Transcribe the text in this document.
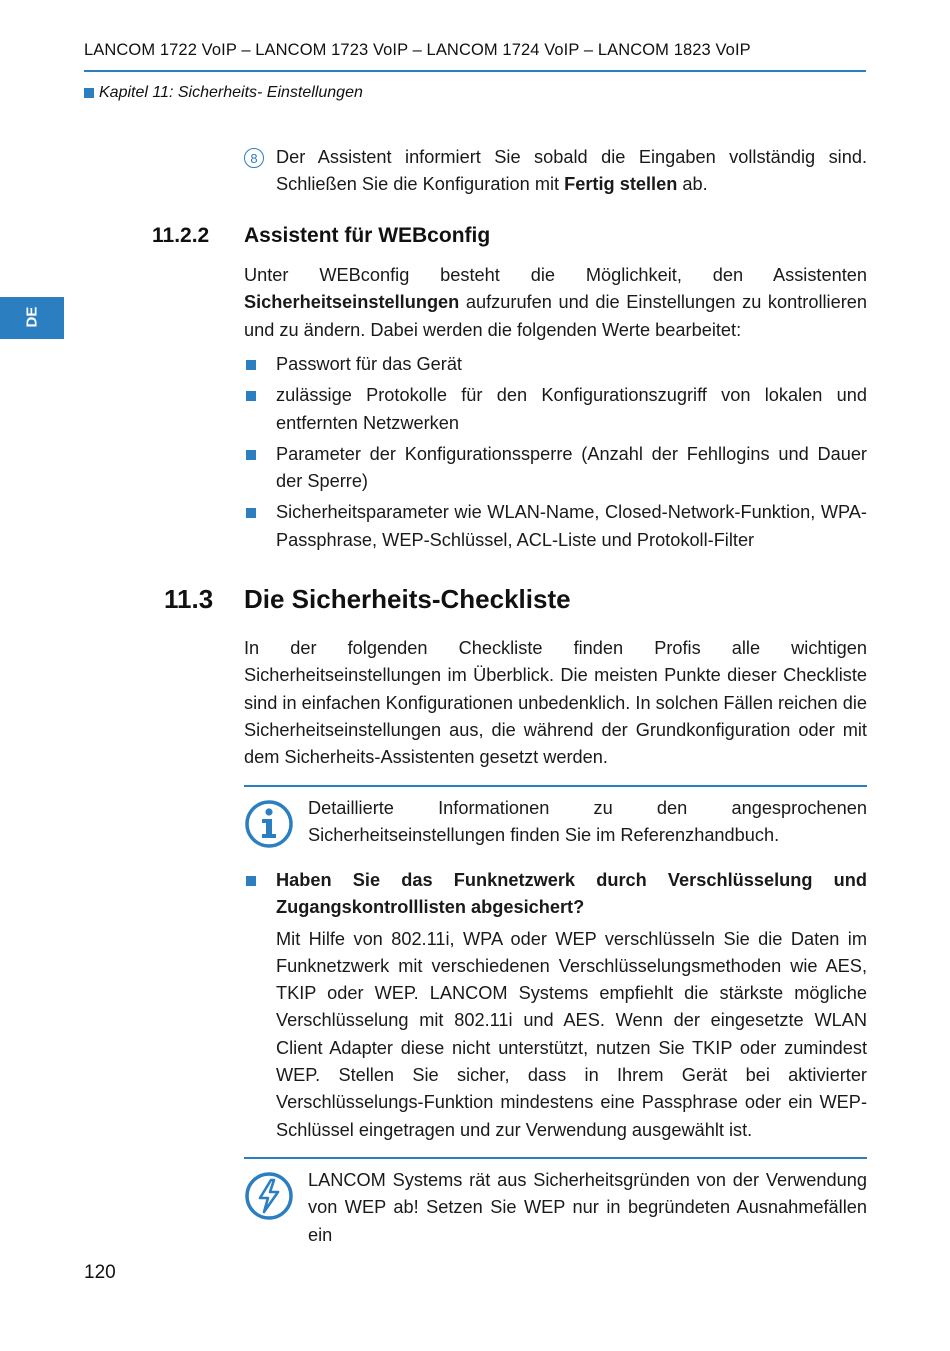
LANCOM 1722 VoIP – LANCOM 1723 VoIP – LANCOM 1724 VoIP – LANCOM 1823 VoIP
Kapitel 11: Sicherheits- Einstellungen
DE
8	Der Assistent informiert Sie sobald die Eingaben vollständig sind. Schließen Sie die Konfiguration mit Fertig stellen ab.
11.2.2 Assistent für WEBconfig
Unter WEBconfig besteht die Möglichkeit, den Assistenten Sicherheitseinstellungen aufzurufen und die Einstellungen zu kontrollieren und zu ändern. Dabei werden die folgenden Werte bearbeitet:
Passwort für das Gerät
zulässige Protokolle für den Konfigurationszugriff von lokalen und entfernten Netzwerken
Parameter der Konfigurationssperre (Anzahl der Fehllogins und Dauer der Sperre)
Sicherheitsparameter wie WLAN-Name, Closed-Network-Funktion, WPA-Passphrase, WEP-Schlüssel, ACL-Liste und Protokoll-Filter
11.3 Die Sicherheits-Checkliste
In der folgenden Checkliste finden Profis alle wichtigen Sicherheitseinstellungen im Überblick. Die meisten Punkte dieser Checkliste sind in einfachen Konfigurationen unbedenklich. In solchen Fällen reichen die Sicherheitseinstellungen aus, die während der Grundkonfiguration oder mit dem Sicherheits-Assistenten gesetzt werden.
Detaillierte Informationen zu den angesprochenen Sicherheitseinstellungen finden Sie im Referenzhandbuch.
Haben Sie das Funknetzwerk durch Verschlüsselung und Zugangskontrolllisten abgesichert?
Mit Hilfe von 802.11i, WPA oder WEP verschlüsseln Sie die Daten im Funknetzwerk mit verschiedenen Verschlüsselungsmethoden wie AES, TKIP oder WEP. LANCOM Systems empfiehlt die stärkste mögliche Verschlüsselung mit 802.11i und AES. Wenn der eingesetzte WLAN Client Adapter diese nicht unterstützt, nutzen Sie TKIP oder zumindest WEP. Stellen Sie sicher, dass in Ihrem Gerät bei aktivierter Verschlüsselungs-Funktion mindestens eine Passphrase oder ein WEP-Schlüssel eingetragen und zur Verwendung ausgewählt ist.
LANCOM Systems rät aus Sicherheitsgründen von der Verwendung von WEP ab! Setzen Sie WEP nur in begründeten Ausnahmefällen ein
120
